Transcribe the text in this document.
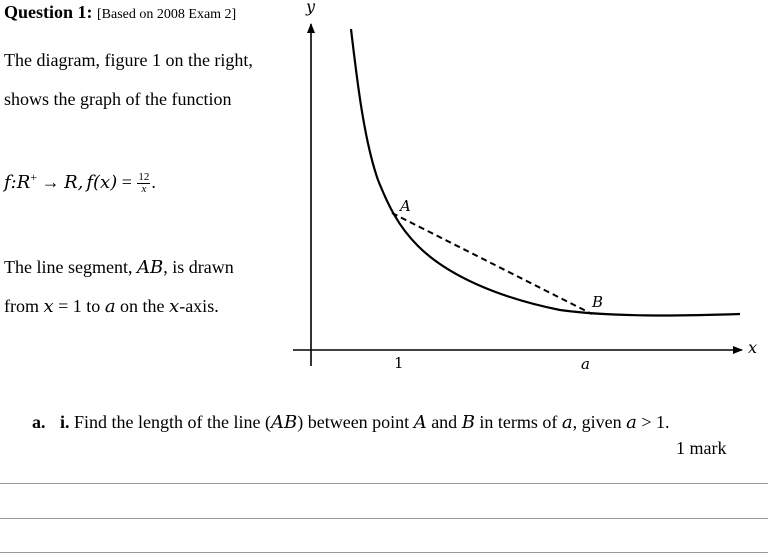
Question 1: [Based on 2008 Exam 2]
The diagram, figure 1 on the right,
shows the graph of the function
f:R+ → R, $f(x) = \frac{12}{x}$ .
The line segment, AB, is drawn
from x = 1 to a on the x-axis.
y
x
1	a
A
B
a. i. Find the length of the line (AB) between point A and B in terms of a, given a > 1.
1 mark
